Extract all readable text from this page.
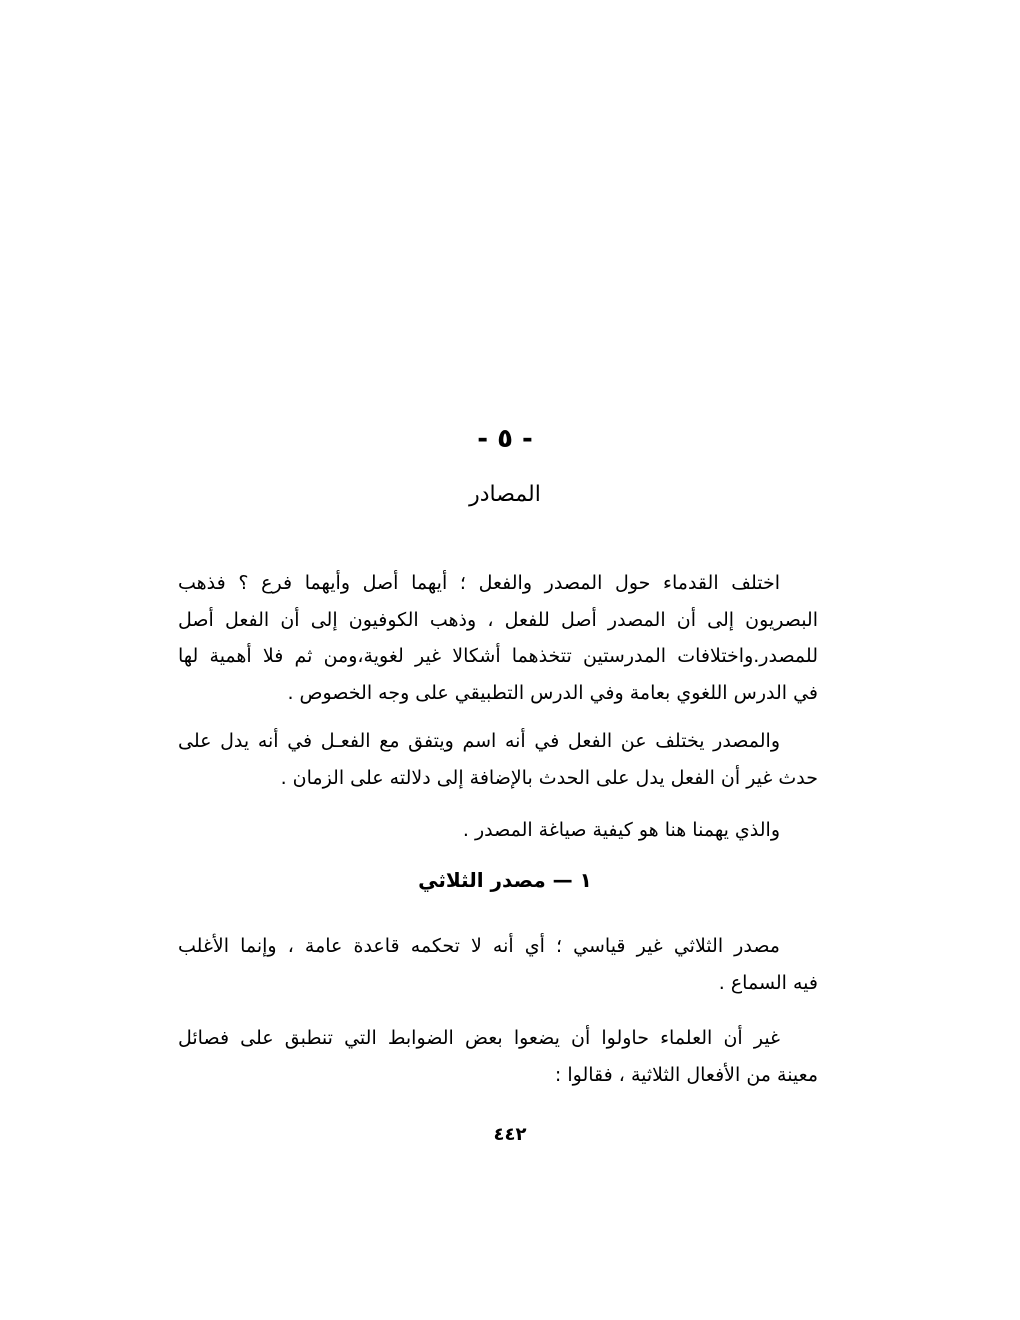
- ٥ -
المصادر
اختلف القدماء حول المصدر والفعل ؛ أيهما أصل وأيهما فرع ؟ فذهب
البصريون إلى أن المصدر أصل للفعل ، وذهب الكوفيون إلى أن الفعل أصل
للمصدر.واختلافات المدرستين تتخذهما أشكالا غير لغوية،ومن ثم فلا أهمية لها
في الدرس اللغوي بعامة وفي الدرس التطبيقي على وجه الخصوص .
والمصدر يختلف عن الفعل في أنه اسم ويتفق مع الفعـل في أنه يدل على
حدث غير أن الفعل يدل على الحدث بالإضافة إلى دلالته على الزمان .
والذي يهمنا هنا هو كيفية صياغة المصدر .
١ — مصدر الثلاثي
مصدر الثلاثي غير قياسي ؛ أي أنه لا تحكمه قاعدة عامة ، وإنما الأغلب
فيه السماع .
غير أن العلماء حاولوا أن يضعوا بعض الضوابط التي تنطبق على فصائل
معينة من الأفعال الثلاثية ، فقالوا :
٤٤٢
